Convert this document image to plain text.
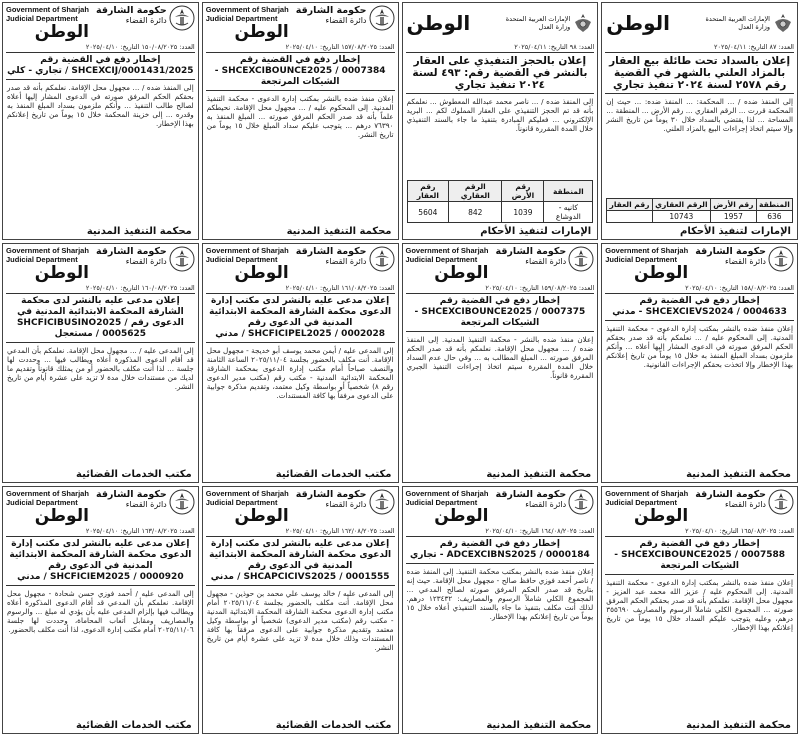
Government of Sharjah
Judicial Department
الوطن
حكومة الشارقة
دائرة القضاء
العدد: ١٥٠/٠٨/٢٠٢٥ التاريخ: ٢٠٢٥/٠٤/١٠
إخطار دفع في القضية رقم SHCEXCIJ/0001431/2025 / تجاري - كلي
إلى المنفذ ضده / ... مجهول محل الإقامة. نعلمكم بأنه قد صدر بحقكم الحكم المرفق صورته في الدعوى المشار إليها أعلاه لصالح طالب التنفيذ ... وأنكم ملزمون بسداد المبلغ المنفذ به وقدره ... إلى خزينة المحكمة خلال ١٥ يوماً من تاريخ إعلانكم بهذا الإخطار.
محكمة التنفيذ المدنية
Government of Sharjah
Judicial Department
الوطن
حكومة الشارقة
دائرة القضاء
العدد: ١٥٧/٠٨/٢٠٢٥ التاريخ: ٢٠٢٥/٠٤/١٠
إخطار دفع في القضية رقم SHCEXCIBOUNCE2025 / 0007384 - الشيكات المرتجعة
إعلان منفذ ضده بالنشر بمكتب إدارة الدعوى - محكمة التنفيذ المدنية. إلى المحكوم عليه / ... مجهول محل الإقامة. نحيطكم علماً بأنه قد صدر الحكم المرفق صورته ... المبلغ المنفذ به ٧٦٣٩٠ درهم ... يتوجب عليكم سداد المبلغ خلال ١٥ يوماً من تاريخ النشر.
محكمة التنفيذ المدنية
الوطن	الإمارات العربية المتحدة
وزارة العدل
العدد: ٩٨ التاريخ: ٢٠٢٥/٠٤/١١
إعلان بالحجز التنفيذي على العقار بالنشر في القضية رقم: ٤٩٣ لسنة ٢٠٢٤ تنفيذ تجاري
إلى المنفذ ضده / ... ناصر محمد عبدالله المعطوش ... نعلمكم بأنه قد تم الحجز التنفيذي على العقار المملوك لكم ... البريد الإلكتروني ... فعليكم المبادرة بتنفيذ ما جاء بالسند التنفيذي خلال المدة المقررة قانوناً.
المنطقة	رقم الأرض	الرقم العقاري	رقم العقار
كانيه - الدوشاع	1039	842	5604
الإمارات لتنفيذ الأحكام
الوطن	الإمارات العربية المتحدة
وزارة العدل
العدد: ٨٧ التاريخ: ٢٠٢٥/٠٤/١١
إعلان بالسداد تحت طائلة بيع العقار بالمزاد العلني بالشهر في القضية رقم ٢٥٧٨ لسنة ٢٠٢٤ تنفيذ تجاري
إلى المنفذ ضده / ... المحكمة: ... المنفذ ضده: ... حيث إن المحكمة قررت ... الرقم العقاري ... رقم الأرض ... المنطقة ... المساحة ... لذا يقتضي بالسداد خلال ٣٠ يوماً من تاريخ النشر وإلا سيتم اتخاذ إجراءات البيع بالمزاد العلني.
المنطقة	رقم الأرض	الرقم العقاري	رقم العقار
636	1957	10743	
الإمارات لتنفيذ الأحكام
Government of Sharjah
Judicial Department
الوطن
حكومة الشارقة
دائرة القضاء
العدد: ١٦٠/٠٨/٢٠٢٥ التاريخ: ٢٠٢٥/٠٤/١٠
إعلان مدعى عليه بالنشر لدى محكمة الشارقة المحكمة الابتدائية المدنية في الدعوى رقم SHCFICIBUSINO2025 / 0005625 / مستعجل
إلى المدعى عليه / ... مجهول محل الإقامة. نعلمكم بأن المدعي قد أقام الدعوى المذكورة أعلاه ويطالب فيها ... وحددت لها جلسة ... لذا أنت مكلف بالحضور أو من يمثلك قانوناً وتقديم ما لديك من مستندات خلال مدة لا تزيد على عشرة أيام من تاريخ النشر.
مكتب الخدمات القضائية
Government of Sharjah
Judicial Department
الوطن
حكومة الشارقة
دائرة القضاء
العدد: ١٦١/٠٨/٢٠٢٥ التاريخ: ٢٠٢٥/٠٤/١٠
إعلان مدعى عليه بالنشر لدى مكتب إدارة الدعوى محكمة الشارقة المحكمة الابتدائية المدنية في الدعوى رقم SHCFICIPEL2025 / 0002028 / مدني
إلى المدعى عليه / أيمن محمد يوسف أبو خديجة - مجهول محل الإقامة. أنت مكلف بالحضور بجلسة ٢٠٢٥/١١/٠٤ الساعة الثامنة والنصف صباحاً أمام مكتب إدارة الدعوى بمحكمة الشارقة المحكمة الابتدائية المدنية - مكتب رقم (مكتب مدير الدعوى رقم ٨) شخصياً أو بواسطة وكيل معتمد، وتقديم مذكرة جوابية على الدعوى مرفقاً بها كافة المستندات.
مكتب الخدمات القضائية
Government of Sharjah
Judicial Department
الوطن
حكومة الشارقة
دائرة القضاء
العدد: ١٥٩/٠٨/٢٠٢٥ التاريخ: ٢٠٢٥/٠٤/١٠
إخطار دفع في القضية رقم SHCEXCIBOUNCE2025 / 0007375 - الشيكات المرتجعة
إعلان منفذ ضده بالنشر - محكمة التنفيذ المدنية. إلى المنفذ ضده / ... مجهول محل الإقامة. نعلمكم بأنه قد صدر الحكم المرفق صورته ... المبلغ المطالب به ... وفي حال عدم السداد خلال المدة المقررة سيتم اتخاذ إجراءات التنفيذ الجبري المقررة قانوناً.
محكمة التنفيذ المدنية
Government of Sharjah
Judicial Department
الوطن
حكومة الشارقة
دائرة القضاء
العدد: ١٥٨/٠٨/٢٠٢٥ التاريخ: ٢٠٢٥/٠٤/١٠
إخطار دفع في القضية رقم SHCEXCIEVS2024 / 0004633 - مدني
إعلان منفذ ضده بالنشر بمكتب إدارة الدعوى - محكمة التنفيذ المدنية. إلى المحكوم عليه / ... نعلمكم بأنه قد صدر بحقكم الحكم المرفق صورته في الدعوى المشار إليها أعلاه ... وأنكم ملزمون بسداد المبلغ المنفذ به خلال ١٥ يوماً من تاريخ إعلانكم بهذا الإخطار وإلا اتخذت بحقكم الإجراءات القانونية.
محكمة التنفيذ المدنية
Government of Sharjah
Judicial Department
الوطن
حكومة الشارقة
دائرة القضاء
العدد: ١٦٣/٠٨/٢٠٢٥ التاريخ: ٢٠٢٥/٠٤/١٠
إعلان مدعى عليه بالنشر لدى مكتب إدارة الدعوى محكمة الشارقة المحكمة الابتدائية المدنية في الدعوى رقم SHCFICIEM2025 / 0000920 / مدني
إلى المدعى عليه / أحمد فوزي حسن شحادة - مجهول محل الإقامة. نعلمكم بأن المدعي قد أقام الدعوى المذكورة أعلاه ويطالب فيها بإلزام المدعى عليه بأن يؤدي له مبلغ ... والرسوم والمصاريف ومقابل أتعاب المحاماة، وحددت لها جلسة ٢٠٢٥/١١/٠٦ أمام مكتب إدارة الدعوى، لذا أنت مكلف بالحضور.
مكتب الخدمات القضائية
Government of Sharjah
Judicial Department
الوطن
حكومة الشارقة
دائرة القضاء
العدد: ١٦٢/٠٨/٢٠٢٥ التاريخ: ٢٠٢٥/٠٤/١٠
إعلان مدعى عليه بالنشر لدى مكتب إدارة الدعوى محكمة الشارقة المحكمة الابتدائية المدنية في الدعوى رقم SHCAPCICIVS2025 / 0001555 / مدني
إلى المدعى عليه / خالد يوسف علي محمد بن حوذين - مجهول محل الإقامة. أنت مكلف بالحضور بجلسة ٢٠٢٥/١١/٠٤ أمام مكتب إدارة الدعوى محكمة الشارقة المحكمة الابتدائية المدنية - مكتب رقم (مكتب مدير الدعوى) شخصياً أو بواسطة وكيل معتمد وتقديم مذكرة جوابية على الدعوى مرفقاً بها كافة المستندات وذلك خلال مدة لا تزيد على عشرة أيام من تاريخ النشر.
مكتب الخدمات القضائية
Government of Sharjah
Judicial Department
الوطن
حكومة الشارقة
دائرة القضاء
العدد: ١٦٤/٠٨/٢٠٢٥ التاريخ: ٢٠٢٥/٠٤/١٠
إخطار دفع في القضية رقم ADCEXCIBNS2025 / 0000184 - تجاري
إعلان منفذ ضده بالنشر بمكتب محكمة التنفيذ. إلى المنفذ ضده / ناصر أحمد فوزي حافظ صالح - مجهول محل الإقامة. حيث إنه بتاريخ قد صدر الحكم المرفق صورته لصالح المدعي ... المجموع الكلي شاملاً الرسوم والمصاريف: ١٢٣٤٣٢ درهم. لذلك أنت مكلف بتنفيذ ما جاء بالسند التنفيذي أعلاه خلال ١٥ يوماً من تاريخ إعلانكم بهذا الإخطار.
محكمة التنفيذ المدنية
Government of Sharjah
Judicial Department
الوطن
حكومة الشارقة
دائرة القضاء
العدد: ١٦٥/٠٨/٢٠٢٥ التاريخ: ٢٠٢٥/٠٤/١٠
إخطار دفع في القضية رقم SHCEXCIBOUNCE2025 / 0007588 - الشيكات المرتجعة
إعلان منفذ ضده بالنشر بمكتب إدارة الدعوى - محكمة التنفيذ المدنية. إلى المحكوم عليه / عزيز الله محمد عبد العزيز - مجهول محل الإقامة. نعلمكم بأنه قد صدر بحقكم الحكم المرفق صورته ... المجموع الكلي شاملاً الرسوم والمصاريف ٣٥٥٦٩٠ درهم، وعليه يتوجب عليكم السداد خلال ١٥ يوماً من تاريخ إعلانكم بهذا الإخطار.
محكمة التنفيذ المدنية
